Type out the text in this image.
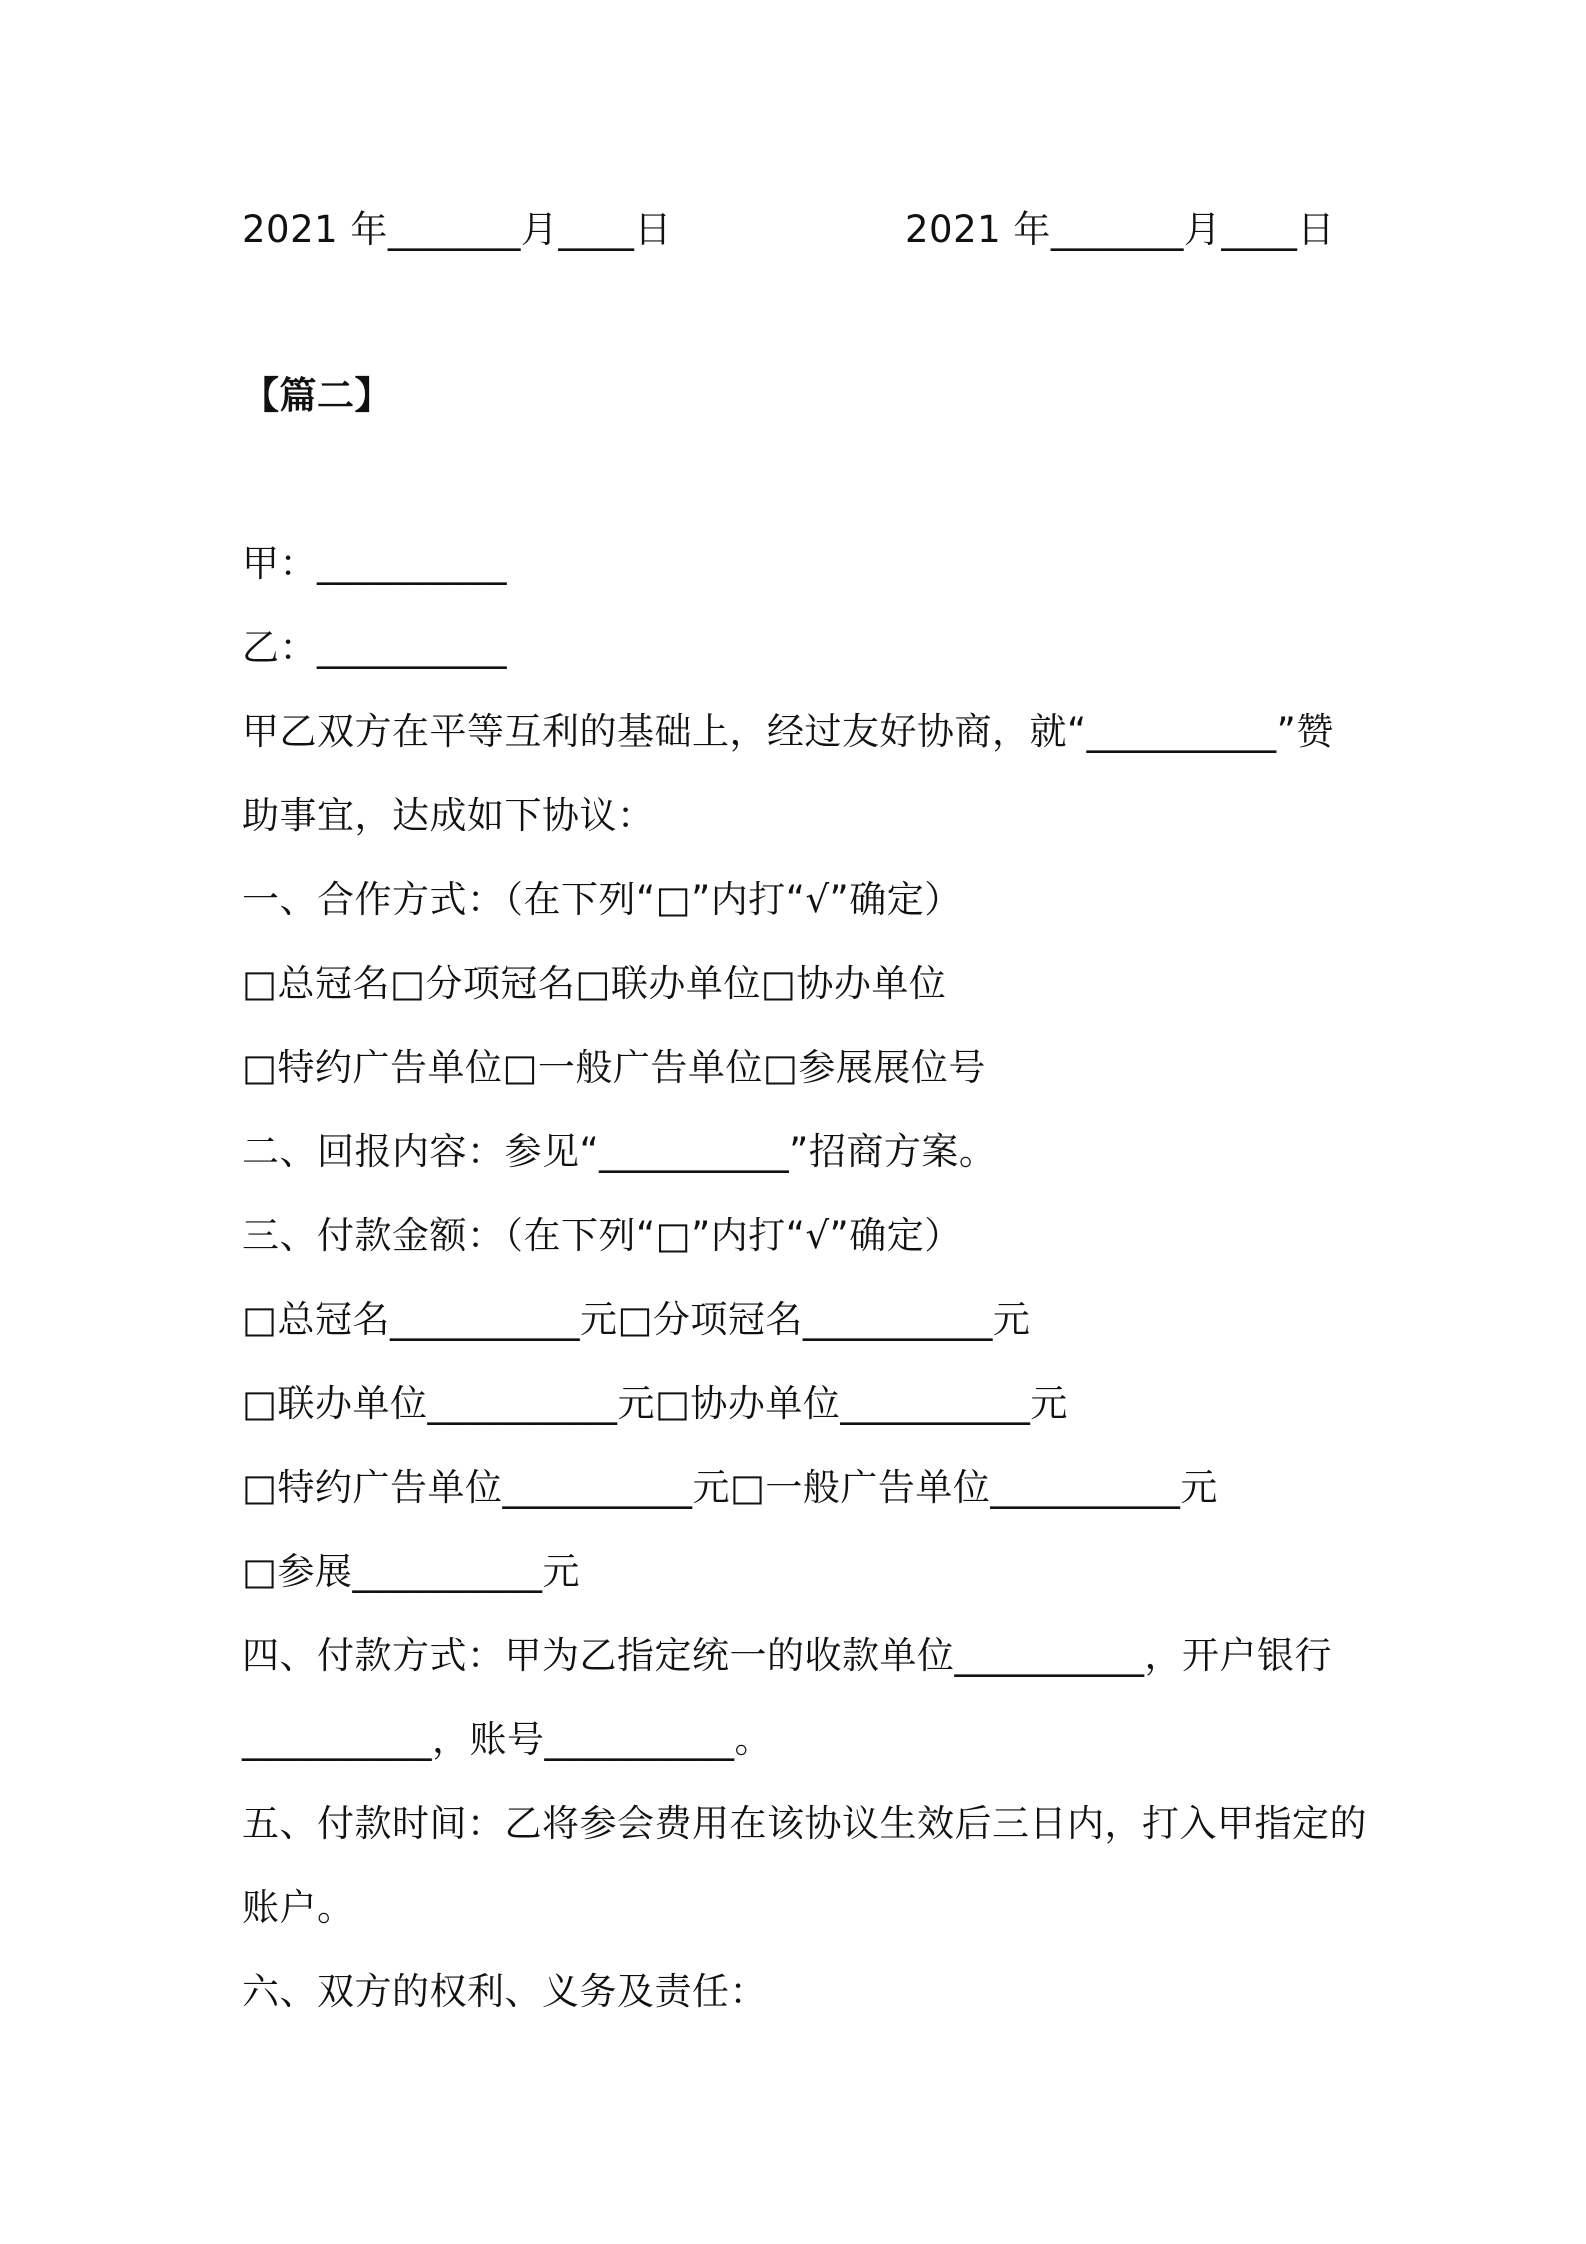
2021 年_______月____日	2021 年_______月____日
【篇二】
甲：__________
乙：__________
甲乙双方在平等互利的基础上，经过友好协商，就“__________”赞
助事宜，达成如下协议：
一、合作方式：（在下列“□”内打“√”确定）
□总冠名□分项冠名□联办单位□协办单位
□特约广告单位□一般广告单位□参展展位号
二、回报内容：参见“__________”招商方案。
三、付款金额：（在下列“□”内打“√”确定）
□总冠名__________元□分项冠名__________元
□联办单位__________元□协办单位__________元
□特约广告单位__________元□一般广告单位__________元
□参展__________元
四、付款方式：甲为乙指定统一的收款单位__________，开户银行
__________，账号__________。
五、付款时间：乙将参会费用在该协议生效后三日内，打入甲指定的
账户。
六、双方的权利、义务及责任：
